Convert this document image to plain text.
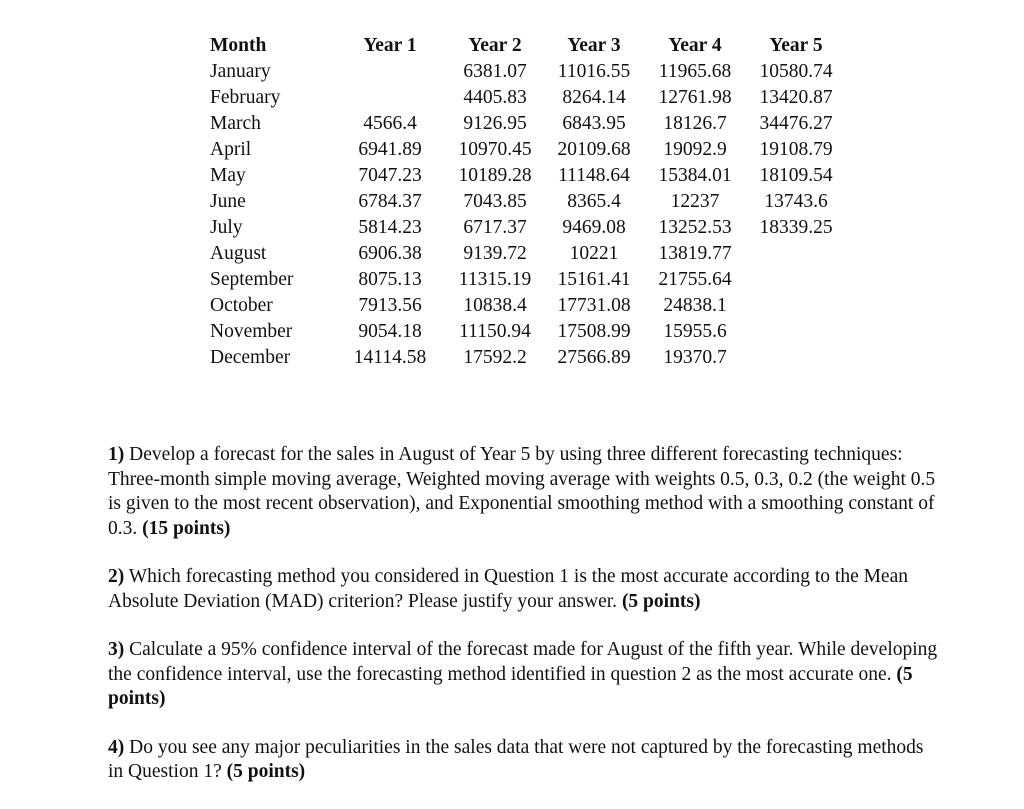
Month	Year 1	Year 2	Year 3	Year 4	Year 5
January		6381.07	11016.55	11965.68	10580.74
February		4405.83	8264.14	12761.98	13420.87
March	4566.4	9126.95	6843.95	18126.7	34476.27
April	6941.89	10970.45	20109.68	19092.9	19108.79
May	7047.23	10189.28	11148.64	15384.01	18109.54
June	6784.37	7043.85	8365.4	12237	13743.6
July	5814.23	6717.37	9469.08	13252.53	18339.25
August	6906.38	9139.72	10221	13819.77	
September	8075.13	11315.19	15161.41	21755.64	
October	7913.56	10838.4	17731.08	24838.1	
November	9054.18	11150.94	17508.99	15955.6	
December	14114.58	17592.2	27566.89	19370.7	

1) Develop a forecast for the sales in August of Year 5 by using three different forecasting techniques: Three-month simple moving average, Weighted moving average with weights 0.5, 0.3, 0.2 (the weight 0.5 is given to the most recent observation), and Exponential smoothing method with a smoothing constant of 0.3. (15 points)

2) Which forecasting method you considered in Question 1 is the most accurate according to the Mean Absolute Deviation (MAD) criterion? Please justify your answer. (5 points)

3) Calculate a 95% confidence interval of the forecast made for August of the fifth year. While developing the confidence interval, use the forecasting method identified in question 2 as the most accurate one. (5 points)

4) Do you see any major peculiarities in the sales data that were not captured by the forecasting methods in Question 1? (5 points)
